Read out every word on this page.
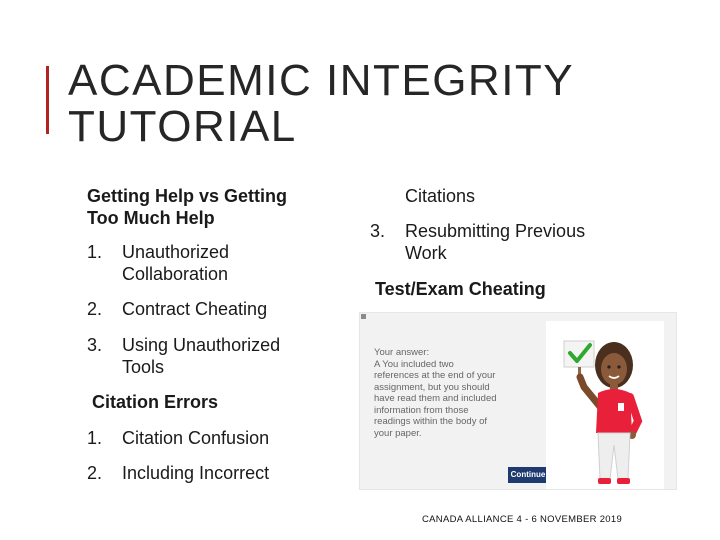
ACADEMIC INTEGRITY
TUTORIAL
Getting Help vs Getting
Too Much Help
1. Unauthorized
Collaboration
2. Contract Cheating
3. Using Unauthorized
Tools
Citation Errors
1. Citation Confusion
2. Including Incorrect
Citations
3. Resubmitting Previous
Work
Test/Exam Cheating
Your answer:
A You included two
references at the end of your
assignment, but you should
have read them and included
information from those
readings within the body of
your paper.
Continue
CANADA ALLIANCE 4 - 6 NOVEMBER 2019
